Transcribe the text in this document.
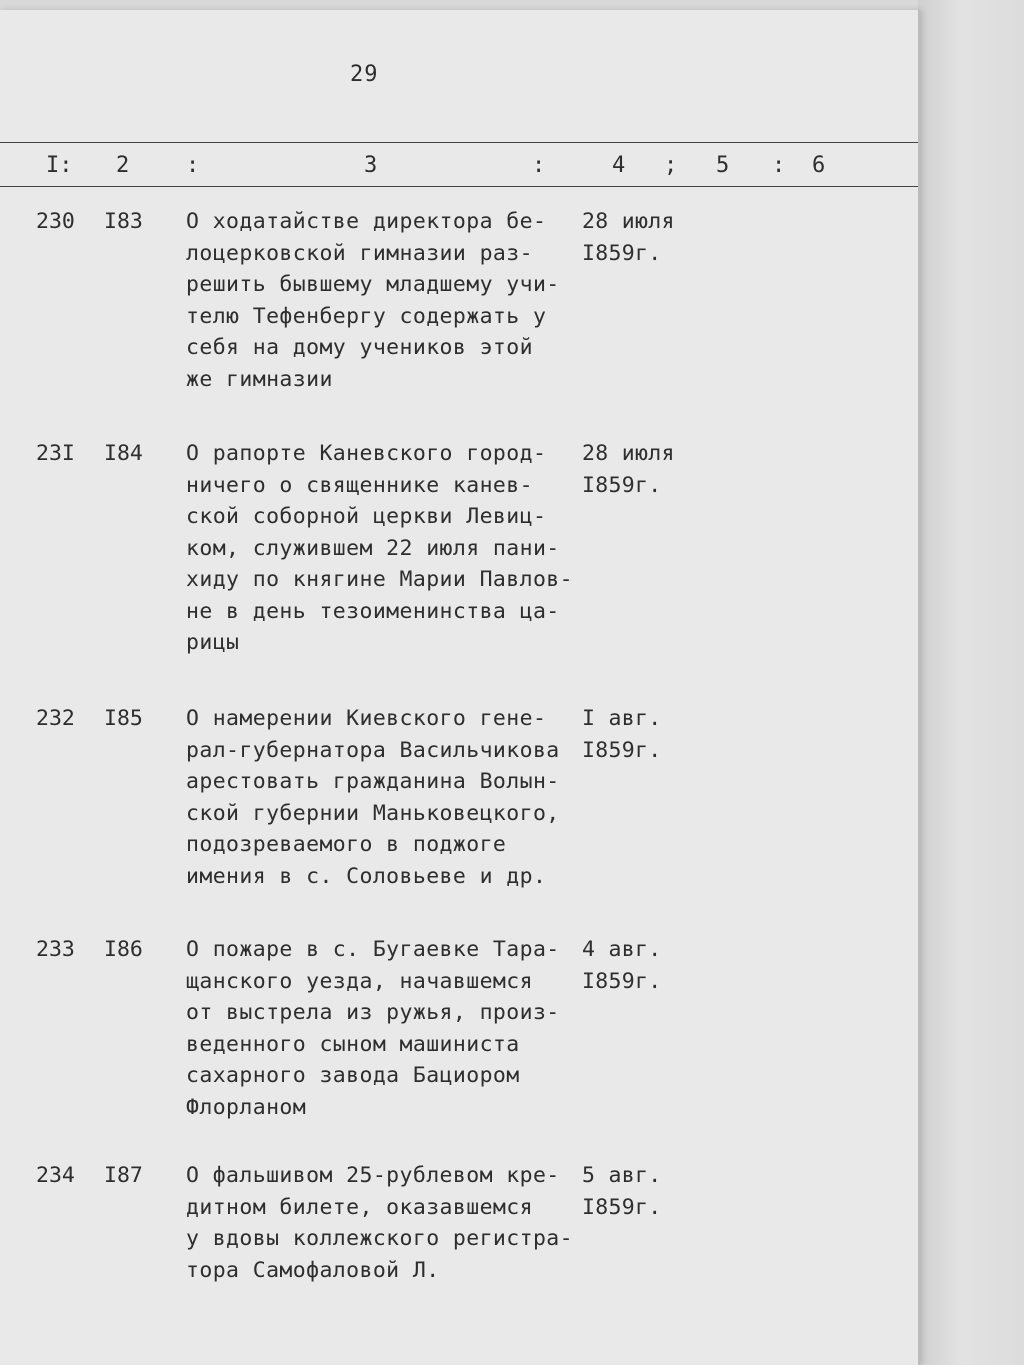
29
I: 2	:	3	:	4 ; 5 : 6
230 I83 О ходатайстве директора бе-
лоцерковской гимназии раз-
решить бывшему младшему учи-
телю Тефенбергу содержать у
себя на дому учеников этой
же гимназии
28 июля
I859г.
23I I84 О рапорте Каневского город-
ничего о священнике канев-
ской соборной церкви Левиц-
ком, служившем 22 июля пани-
хиду по княгине Марии Павлов-
не в день тезоименинства ца-
рицы
28 июля
I859г.
232 I85 О намерении Киевского гене-
рал-губернатора Васильчикова
арестовать гражданина Волын-
ской губернии Маньковецкого,
подозреваемого в поджоге
имения в с. Соловьеве и др.
I авг.
I859г.
233 I86 О пожаре в с. Бугаевке Тара-
щанского уезда, начавшемся
от выстрела из ружья, произ-
веденного сыном машиниста
сахарного завода Бациором
Флорланом
4 авг.
I859г.
234 I87 О фальшивом 25-рублевом кре-
дитном билете, оказавшемся
у вдовы коллежского регистра-
тора Самофаловой Л.
5 авг.
I859г.
